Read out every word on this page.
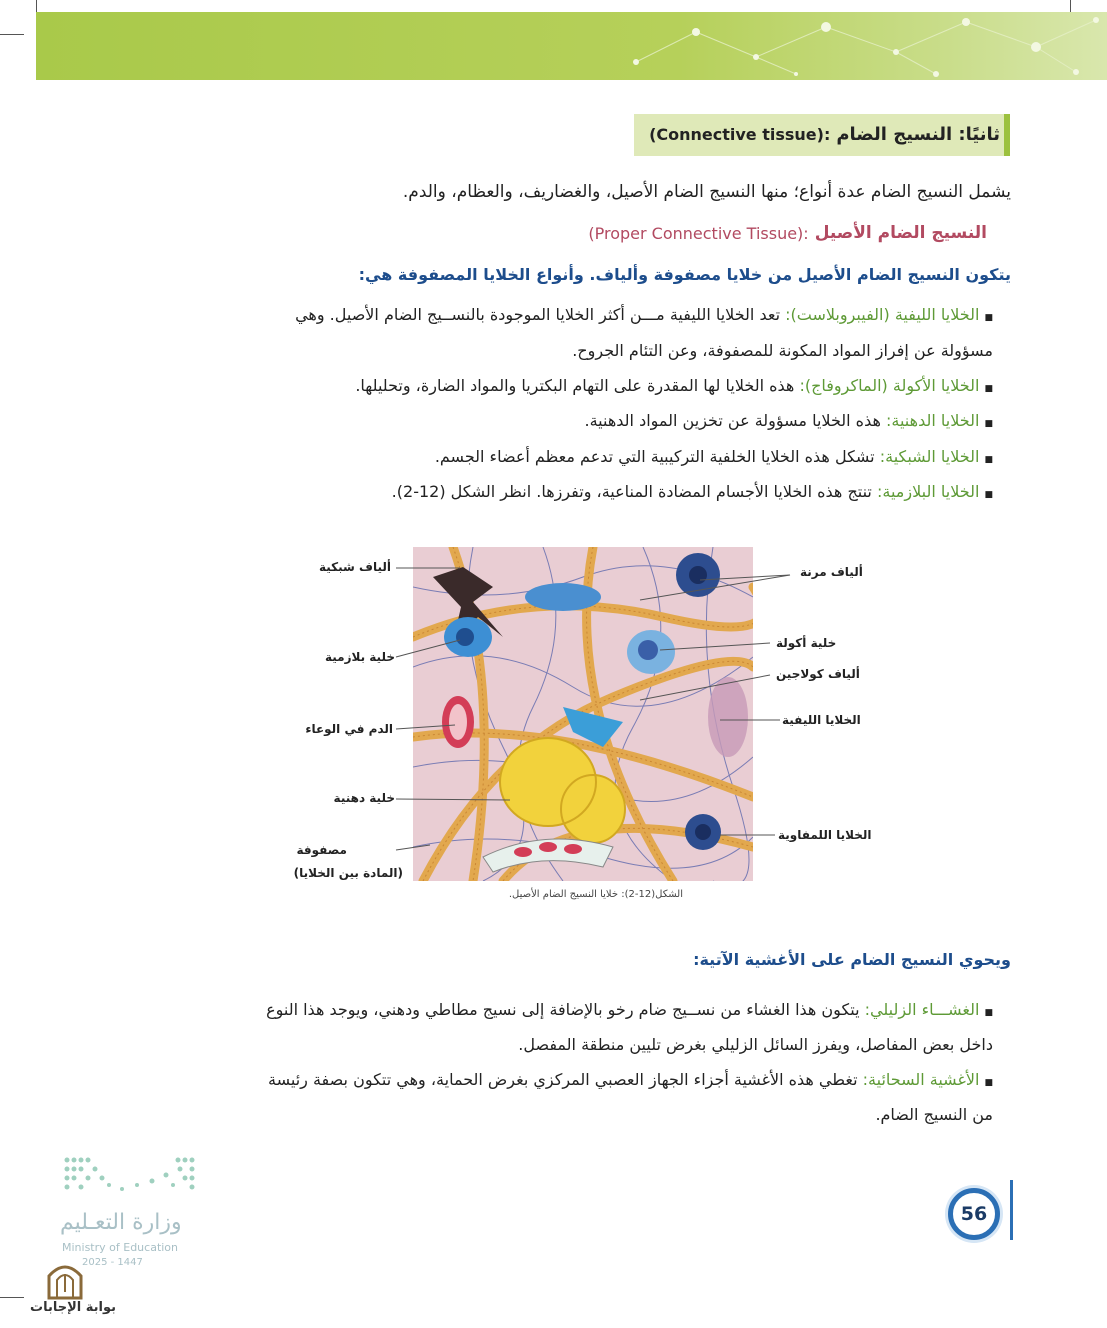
(Connective tissue): ثانيًا: النسيج الضام
يشمل النسيج الضام عدة أنواع؛ منها النسيج الضام الأصيل، والغضاريف، والعظام، والدم.
النسيج الضام الأصيل
(Proper Connective Tissue):
يتكون النسيج الضام الأصيل من خلايا مصفوفة وألياف. وأنواع الخلايا المصفوفة هي:
■ الخلايا الليفية (الفيبروبلاست): تعد الخلايا الليفية مـــن أكثر الخلايا الموجودة بالنســيج الضام الأصيل. وهي
مسؤولة عن إفراز المواد المكونة للمصفوفة، وعن التئام الجروح.
■ الخلايا الأكولة (الماكروفاج): هذه الخلايا لها المقدرة على التهام البكتريا والمواد الضارة، وتحليلها.
■ الخلايا الدهنية: هذه الخلايا مسؤولة عن تخزين المواد الدهنية.
■ الخلايا الشبكية: تشكل هذه الخلايا الخلفية التركيبية التي تدعم معظم أعضاء الجسم.
■ الخلايا البلازمية: تنتج هذه الخلايا الأجسام المضادة المناعية، وتفرزها. انظر الشكل (12-2).
ألياف شبكية
خلية بلازمية
الدم في الوعاء
خلية دهنية
مصفوفة
(المادة بين الخلايا)
ألياف مرنة
خلية أكولة
ألياف كولاجين
الخلايا الليفية
الخلايا اللمفاوية
الشكل(12-2): خلايا النسيج الضام الأصيل.
ويحوي النسيج الضام على الأغشية الآتية:
■ الغشـــاء الزليلي: يتكون هذا الغشاء من نســيج ضام رخو بالإضافة إلى نسيج مطاطي ودهني، ويوجد هذا النوع
داخل بعض المفاصل، ويفرز السائل الزليلي بغرض تليين منطقة المفصل.
■ الأغشية السحائية: تغطي هذه الأغشية أجزاء الجهاز العصبي المركزي بغرض الحماية، وهي تتكون بصفة رئيسة
من النسيج الضام.
وزارة التعـليم
Ministry of Education
2025 - 1447
بوابة الإجابات
56
